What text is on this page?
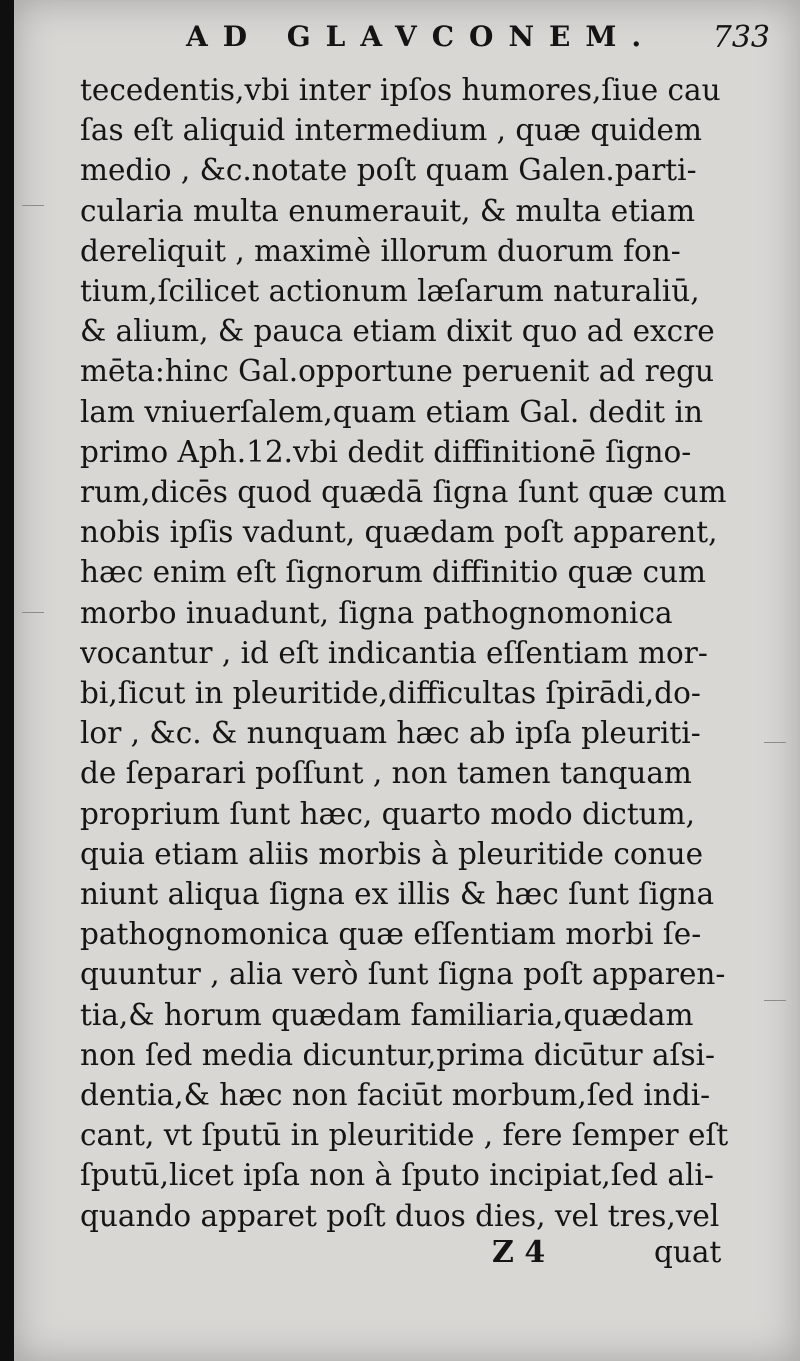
AD GLAVCONEM. 733
tecedentis,vbi inter ipſos humores,ſiue cau
ſas eſt aliquid intermedium , quæ quidem
medio , &c.notate poſt quam Galen.parti-
cularia multa enumerauit, & multa etiam
dereliquit , maximè illorum duorum fon-
tium,ſcilicet actionum læſarum naturaliū,
& alium, & pauca etiam dixit quo ad excre
mēta:hinc Gal.opportune peruenit ad regu
lam vniuerſalem,quam etiam Gal. dedit in
primo Aph.12.vbi dedit diffinitionē ſigno-
rum,dicēs quod quædā ſigna ſunt quæ cum
nobis ipſis vadunt, quædam poſt apparent,
hæc enim eſt ſignorum diffinitio quæ cum
morbo inuadunt, ſigna pathognomonica
vocantur , id eſt indicantia eſſentiam mor-
bi,ſicut in pleuritide,difficultas ſpirādi,do-
lor , &c. & nunquam hæc ab ipſa pleuriti-
de ſeparari poſſunt , non tamen tanquam
proprium ſunt hæc, quarto modo dictum,
quia etiam aliis morbis à pleuritide conue
niunt aliqua ſigna ex illis & hæc ſunt ſigna
pathognomonica quæ eſſentiam morbi ſe-
quuntur , alia verò ſunt ſigna poſt apparen-
tia,& horum quædam familiaria,quædam
non ſed media dicuntur,prima dicūtur aſsi-
dentia,& hæc non faciūt morbum,ſed indi-
cant, vt ſputū in pleuritide , fere ſemper eſt
ſputū,licet ipſa non à ſputo incipiat,ſed ali-
quando apparet poſt duos dies, vel tres,vel
Z 4	quat
